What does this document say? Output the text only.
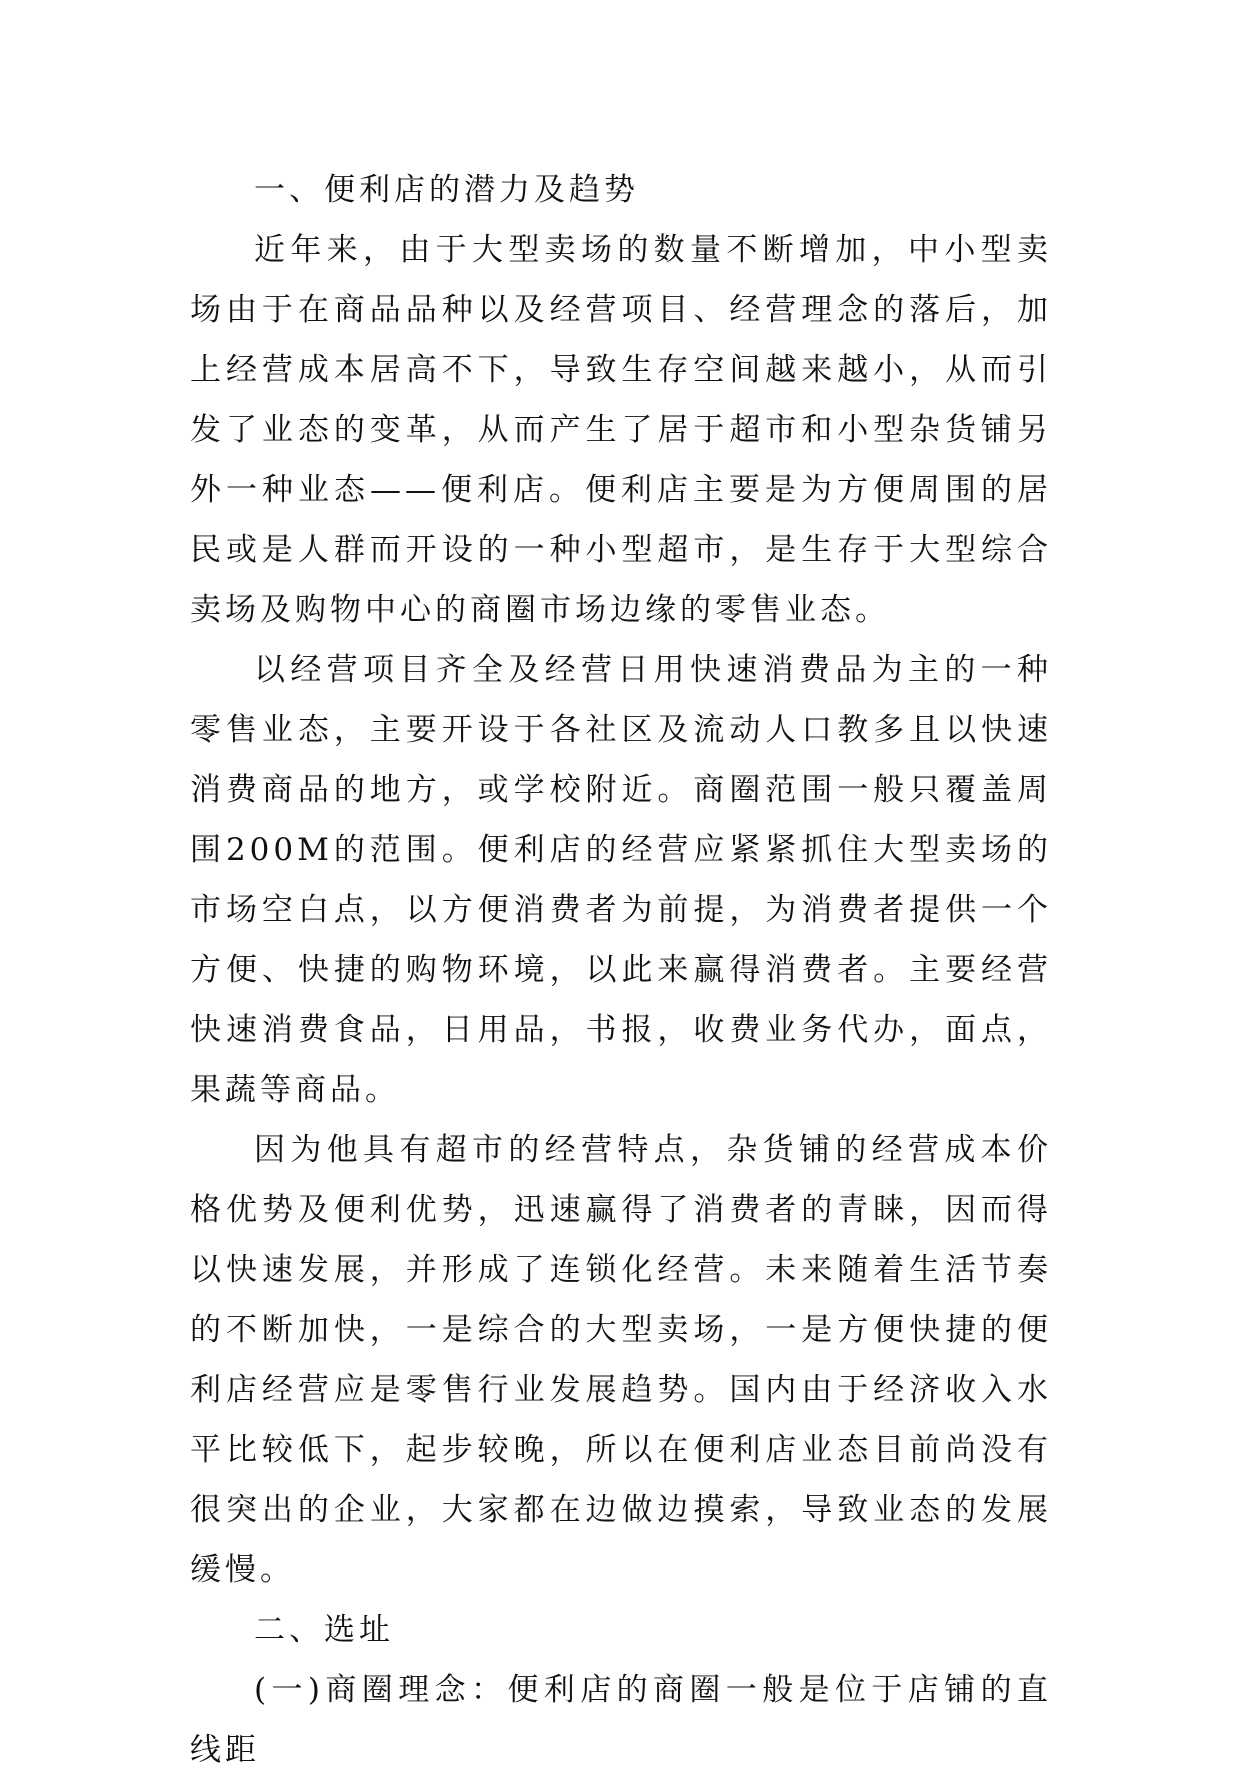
一、便利店的潜力及趋势

近年来，由于大型卖场的数量不断增加，中小型卖场由于在商品品种以及经营项目、经营理念的落后，加上经营成本居高不下，导致生存空间越来越小，从而引发了业态的变革，从而产生了居于超市和小型杂货铺另外一种业态——便利店。便利店主要是为方便周围的居民或是人群而开设的一种小型超市，是生存于大型综合卖场及购物中心的商圈市场边缘的零售业态。

以经营项目齐全及经营日用快速消费品为主的一种零售业态，主要开设于各社区及流动人口教多且以快速消费商品的地方，或学校附近。商圈范围一般只覆盖周围200M的范围。便利店的经营应紧紧抓住大型卖场的市场空白点，以方便消费者为前提，为消费者提供一个方便、快捷的购物环境，以此来赢得消费者。主要经营快速消费食品，日用品，书报，收费业务代办，面点，果蔬等商品。

因为他具有超市的经营特点，杂货铺的经营成本价格优势及便利优势，迅速赢得了消费者的青睐，因而得以快速发展，并形成了连锁化经营。未来随着生活节奏的不断加快，一是综合的大型卖场，一是方便快捷的便利店经营应是零售行业发展趋势。国内由于经济收入水平比较低下，起步较晚，所以在便利店业态目前尚没有很突出的企业，大家都在边做边摸索，导致业态的发展缓慢。

二、选址

(一)商圈理念：便利店的商圈一般是位于店铺的直线距
